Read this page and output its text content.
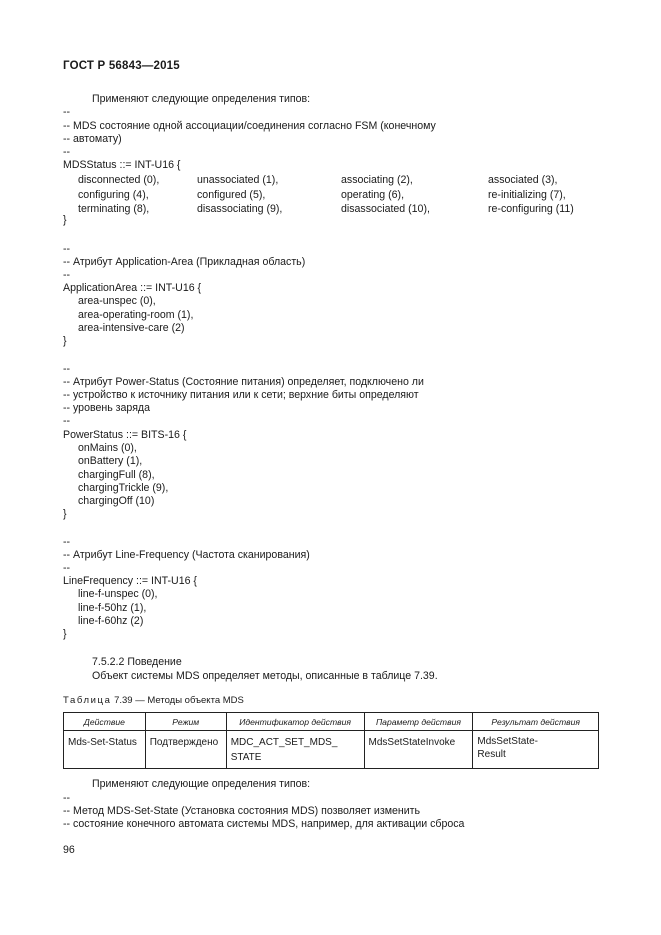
ГОСТ Р 56843—2015
Применяют следующие определения типов:
--
-- MDS состояние одной ассоциации/соединения согласно FSM (конечному
-- автомату)
--
MDSStatus ::= INT-U16 {
disconnected (0),	unassociated (1),	associating (2),	associated (3),
configuring (4),	configured (5),	operating (6),	re-initializing (7),
terminating (8),	disassociating (9),	disassociated (10),	re-configuring (11)
}
--
-- Атрибут Application-Area (Прикладная область)
--
ApplicationArea ::= INT-U16 {
area-unspec (0),
area-operating-room (1),
area-intensive-care (2)
}
--
-- Атрибут Power-Status (Состояние питания) определяет, подключено ли
-- устройство к источнику питания или к сети; верхние биты определяют
-- уровень заряда
--
PowerStatus ::= BITS-16 {
onMains (0),
onBattery (1),
chargingFull (8),
chargingTrickle (9),
chargingOff (10)
}
--
-- Атрибут Line-Frequency (Частота сканирования)
--
LineFrequency ::= INT-U16 {
line-f-unspec (0),
line-f-50hz (1),
line-f-60hz (2)
}
7.5.2.2 Поведение
Объект системы MDS определяет методы, описанные в таблице 7.39.
Таблица 7.39 — Методы объекта MDS
Действие	Режим	Идентификатор действия	Параметр действия	Результат действия
Mds-Set-Status	Подтверждено	MDC_ACT_SET_MDS_
STATE	MdsSetStateInvoke	MdsSetState-
Result
Применяют следующие определения типов:
--
-- Метод MDS-Set-State (Установка состояния MDS) позволяет изменить
-- состояние конечного автомата системы MDS, например, для активации сброса
96
